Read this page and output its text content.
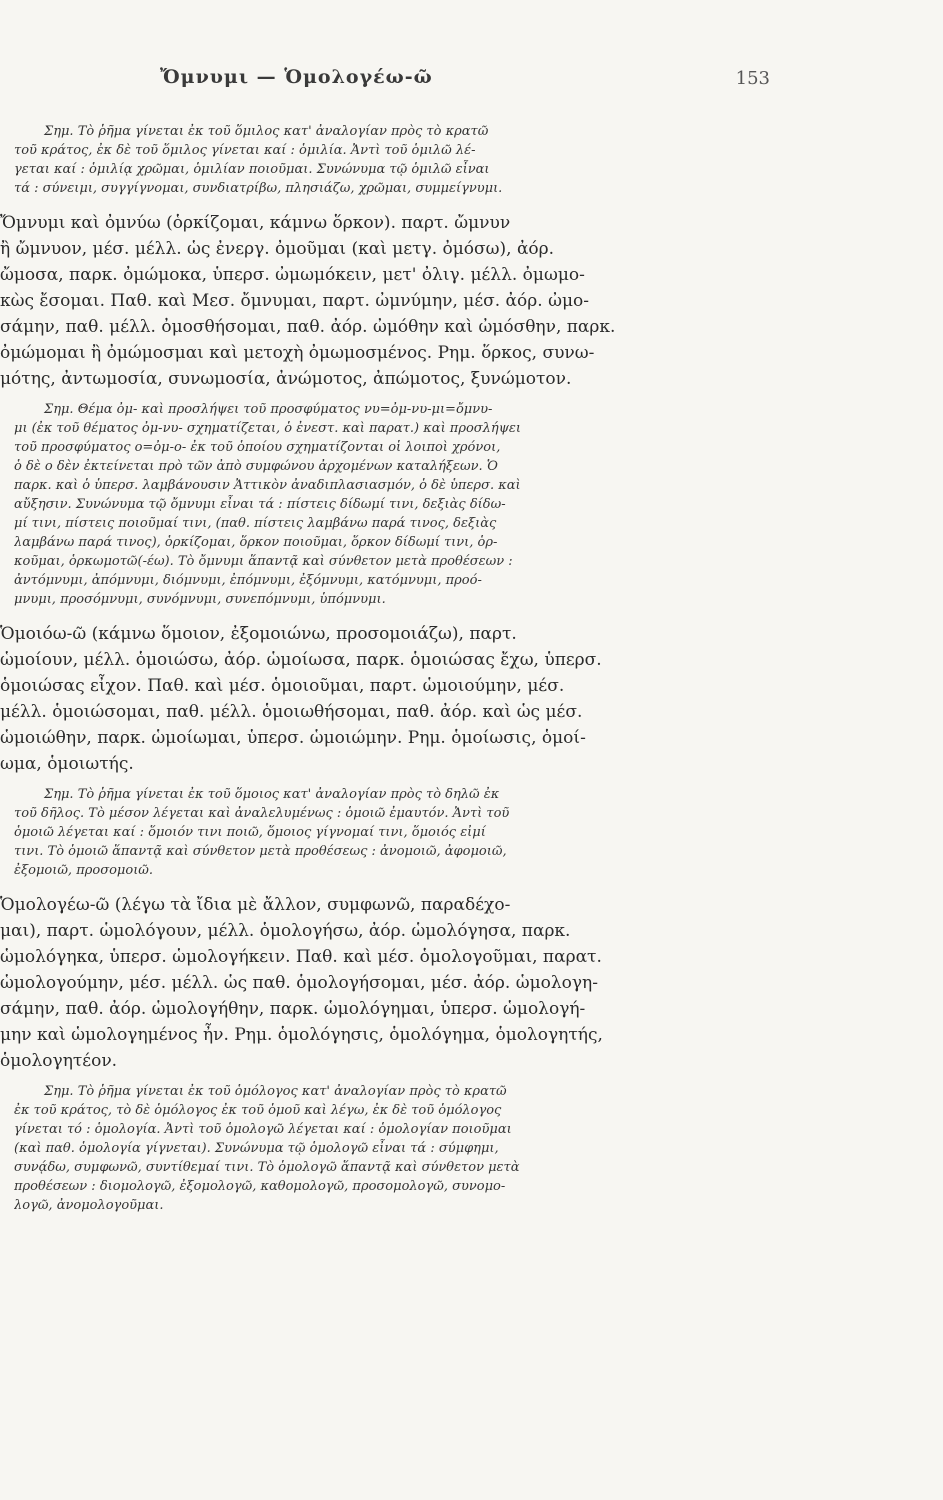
Ὄμνυμι — Ὁμολογέω-ῶ	153
Σημ. Τὸ ῥῆμα γίνεται ἐκ τοῦ ὅμιλος κατ' ἀναλογίαν πρὸς τὸ κρατῶ
τοῦ κράτος, ἐκ δὲ τοῦ ὅμιλος γίνεται καί : ὁμιλία. Ἀντὶ τοῦ ὁμιλῶ λέ-
γεται καί : ὁμιλίᾳ χρῶμαι, ὁμιλίαν ποιοῦμαι. Συνώνυμα τῷ ὁμιλῶ εἶναι
τά : σύνειμι, συγγίγνομαι, συνδιατρίβω, πλησιάζω, χρῶμαι, συμμείγνυμι.
Ὄμνυμι καὶ ὀμνύω (ὁρκίζομαι, κάμνω ὅρκον). παρτ. ὤμνυν
ἢ ὤμνυον, μέσ. μέλλ. ὡς ἐνεργ. ὀμοῦμαι (καὶ μετγ. ὀμόσω), ἀόρ.
ὤμοσα, παρκ. ὀμώμοκα, ὑπερσ. ὠμωμόκειν, μετ' ὀλιγ. μέλλ. ὀμωμο-
κὼς ἔσομαι. Παθ. καὶ Μεσ. ὄμνυμαι, παρτ. ὠμνύμην, μέσ. ἀόρ. ὠμο-
σάμην, παθ. μέλλ. ὀμοσθήσομαι, παθ. ἀόρ. ὠμόθην καὶ ὠμόσθην, παρκ.
ὀμώμομαι ἢ ὀμώμοσμαι καὶ μετοχὴ ὀμωμοσμένος. Ρημ. ὅρκος, συνω-
μότης, ἀντωμοσία, συνωμοσία, ἀνώμοτος, ἀπώμοτος, ξυνώμοτον.
Σημ. Θέμα ὀμ- καὶ προσλήψει τοῦ προσφύματος νυ=ὀμ-νυ-μι=ὄμνυ-
μι (ἐκ τοῦ θέματος ὀμ-νυ- σχηματίζεται, ὁ ἐνεστ. καὶ παρατ.) καὶ προσλήψει
τοῦ προσφύματος ο=ὀμ-ο- ἐκ τοῦ ὁποίου σχηματίζονται οἱ λοιποὶ χρόνοι,
ὁ δὲ ο δὲν ἐκτείνεται πρὸ τῶν ἀπὸ συμφώνου ἀρχομένων καταλήξεων. Ὁ
παρκ. καὶ ὁ ὑπερσ. λαμβάνουσιν Ἀττικὸν ἀναδιπλασιασμόν, ὁ δὲ ὑπερσ. καὶ
αὔξησιν. Συνώνυμα τῷ ὄμνυμι εἶναι τά : πίστεις δίδωμί τινι, δεξιὰς δίδω-
μί τινι, πίστεις ποιοῦμαί τινι, (παθ. πίστεις λαμβάνω παρά τινος, δεξιὰς
λαμβάνω παρά τινος), ὁρκίζομαι, ὅρκον ποιοῦμαι, ὅρκον δίδωμί τινι, ὁρ-
κοῦμαι, ὁρκωμοτῶ(-έω). Τὸ ὄμνυμι ἅπαντᾷ καὶ σύνθετον μετὰ προθέσεων :
ἀντόμνυμι, ἀπόμνυμι, διόμνυμι, ἐπόμνυμι, ἐξόμνυμι, κατόμνυμι, προό-
μνυμι, προσόμνυμι, συνόμνυμι, συνεπόμνυμι, ὑπόμνυμι.
Ὁμοιόω-ῶ (κάμνω ὅμοιον, ἐξομοιώνω, προσομοιάζω), παρτ.
ὡμοίουν, μέλλ. ὁμοιώσω, ἀόρ. ὡμοίωσα, παρκ. ὁμοιώσας ἔχω, ὑπερσ.
ὁμοιώσας εἶχον. Παθ. καὶ μέσ. ὁμοιοῦμαι, παρτ. ὡμοιούμην, μέσ.
μέλλ. ὁμοιώσομαι, παθ. μέλλ. ὁμοιωθήσομαι, παθ. ἀόρ. καὶ ὡς μέσ.
ὡμοιώθην, παρκ. ὡμοίωμαι, ὑπερσ. ὡμοιώμην. Ρημ. ὁμοίωσις, ὁμοί-
ωμα, ὁμοιωτής.
Σημ. Τὸ ῥῆμα γίνεται ἐκ τοῦ ὅμοιος κατ' ἀναλογίαν πρὸς τὸ δηλῶ ἐκ
τοῦ δῆλος. Τὸ μέσον λέγεται καὶ ἀναλελυμένως : ὁμοιῶ ἐμαυτόν. Ἀντὶ τοῦ
ὁμοιῶ λέγεται καί : ὅμοιόν τινι ποιῶ, ὅμοιος γίγνομαί τινι, ὅμοιός εἰμί
τινι. Τὸ ὁμοιῶ ἅπαντᾷ καὶ σύνθετον μετὰ προθέσεως : ἀνομοιῶ, ἀφομοιῶ,
ἐξομοιῶ, προσομοιῶ.
Ὁμολογέω-ῶ (λέγω τὰ ἴδια μὲ ἄλλον, συμφωνῶ, παραδέχο-
μαι), παρτ. ὡμολόγουν, μέλλ. ὁμολογήσω, ἀόρ. ὡμολόγησα, παρκ.
ὡμολόγηκα, ὑπερσ. ὡμολογήκειν. Παθ. καὶ μέσ. ὁμολογοῦμαι, παρατ.
ὡμολογούμην, μέσ. μέλλ. ὡς παθ. ὁμολογήσομαι, μέσ. ἀόρ. ὡμολογη-
σάμην, παθ. ἀόρ. ὡμολογήθην, παρκ. ὡμολόγημαι, ὑπερσ. ὡμολογή-
μην καὶ ὡμολογημένος ἦν. Ρημ. ὁμολόγησις, ὁμολόγημα, ὁμολογητής,
ὁμολογητέον.
Σημ. Τὸ ῥῆμα γίνεται ἐκ τοῦ ὁμόλογος κατ' ἀναλογίαν πρὸς τὸ κρατῶ
ἐκ τοῦ κράτος, τὸ δὲ ὁμόλογος ἐκ τοῦ ὁμοῦ καὶ λέγω, ἐκ δὲ τοῦ ὁμόλογος
γίνεται τό : ὁμολογία. Ἀντὶ τοῦ ὁμολογῶ λέγεται καί : ὁμολογίαν ποιοῦμαι
(καὶ παθ. ὁμολογία γίγνεται). Συνώνυμα τῷ ὁμολογῶ εἶναι τά : σύμφημι,
συνᾴδω, συμφωνῶ, συντίθεμαί τινι. Τὸ ὁμολογῶ ἅπαντᾷ καὶ σύνθετον μετὰ
προθέσεων : διομολογῶ, ἐξομολογῶ, καθομολογῶ, προσομολογῶ, συνομο-
λογῶ, ἀνομολογοῦμαι.
